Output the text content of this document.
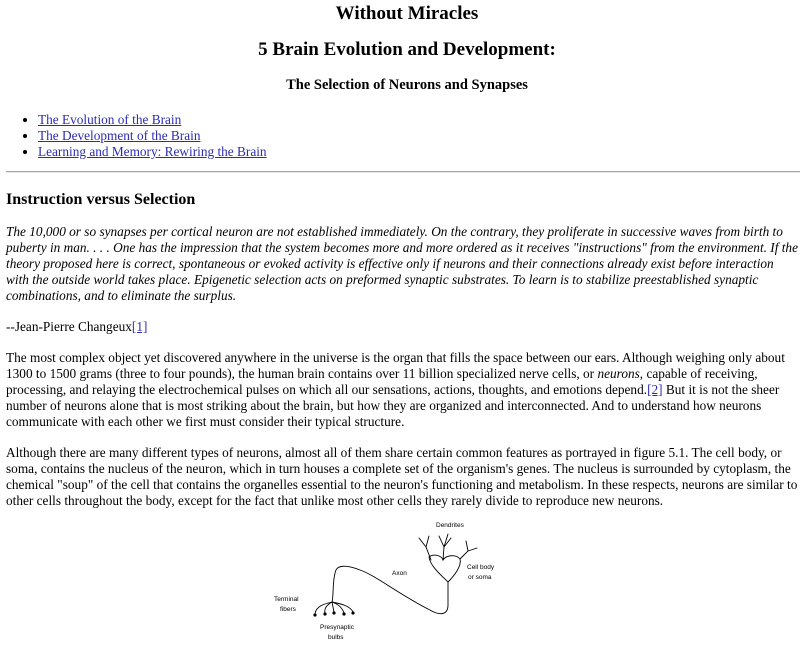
Without Miracles
5 Brain Evolution and Development:
The Selection of Neurons and Synapses
• The Evolution of the Brain
• The Development of the Brain
• Learning and Memory: Rewiring the Brain
Instruction versus Selection

The 10,000 or so synapses per cortical neuron are not established immediately. On the contrary, they proliferate in successive waves from birth to puberty in man. . . . One has the impression that the system becomes more and more ordered as it receives "instructions" from the environment. If the theory proposed here is correct, spontaneous or evoked activity is effective only if neurons and their connections already exist before interaction with the outside world takes place. Epigenetic selection acts on preformed synaptic substrates. To learn is to stabilize preestablished synaptic combinations, and to eliminate the surplus.

--Jean-Pierre Changeux[1]

The most complex object yet discovered anywhere in the universe is the organ that fills the space between our ears. Although weighing only about 1300 to 1500 grams (three to four pounds), the human brain contains over 11 billion specialized nerve cells, or neurons, capable of receiving, processing, and relaying the electrochemical pulses on which all our sensations, actions, thoughts, and emotions depend.[2] But it is not the sheer number of neurons alone that is most striking about the brain, but how they are organized and interconnected. And to understand how neurons communicate with each other we first must consider their typical structure.

Although there are many different types of neurons, almost all of them share certain common features as portrayed in figure 5.1. The cell body, or soma, contains the nucleus of the neuron, which in turn houses a complete set of the organism's genes. The nucleus is surrounded by cytoplasm, the chemical "soup" of the cell that contains the organelles essential to the neuron's functioning and metabolism. In these respects, neurons are similar to other cells throughout the body, except for the fact that unlike most other cells they rarely divide to reproduce new neurons.

Dendrites
Cell body
or soma
Axon
Terminal
fibers
Presynaptic
bulbs
